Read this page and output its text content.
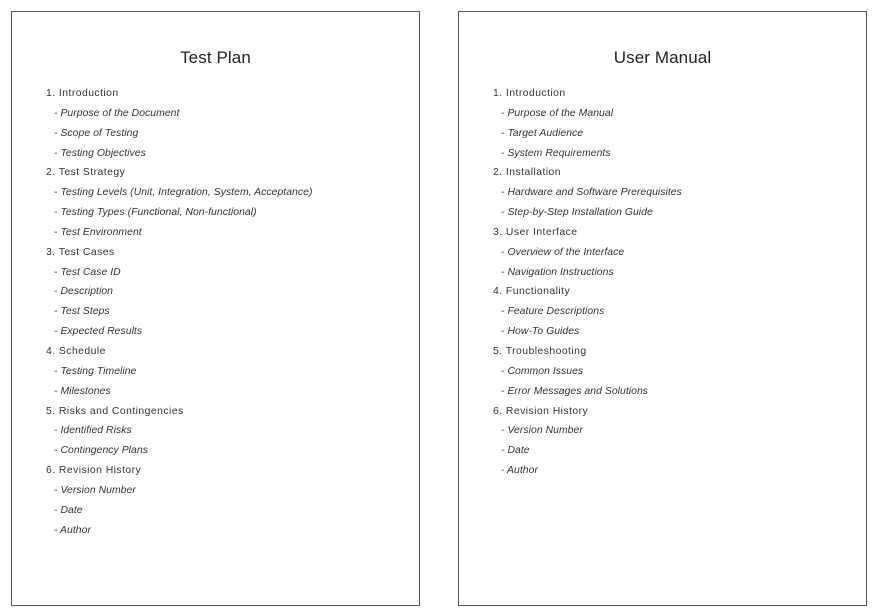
Test Plan
1. Introduction
- Purpose of the Document
- Scope of Testing
- Testing Objectives
2. Test Strategy
- Testing Levels (Unit, Integration, System, Acceptance)
- Testing Types (Functional, Non-functional)
- Test Environment
3. Test Cases
- Test Case ID
- Description
- Test Steps
- Expected Results
4. Schedule
- Testing Timeline
- Milestones
5. Risks and Contingencies
- Identified Risks
- Contingency Plans
6. Revision History
- Version Number
- Date
- Author
User Manual
1. Introduction
- Purpose of the Manual
- Target Audience
- System Requirements
2. Installation
- Hardware and Software Prerequisites
- Step-by-Step Installation Guide
3. User Interface
- Overview of the Interface
- Navigation Instructions
4. Functionality
- Feature Descriptions
- How-To Guides
5. Troubleshooting
- Common Issues
- Error Messages and Solutions
6. Revision History
- Version Number
- Date
- Author
